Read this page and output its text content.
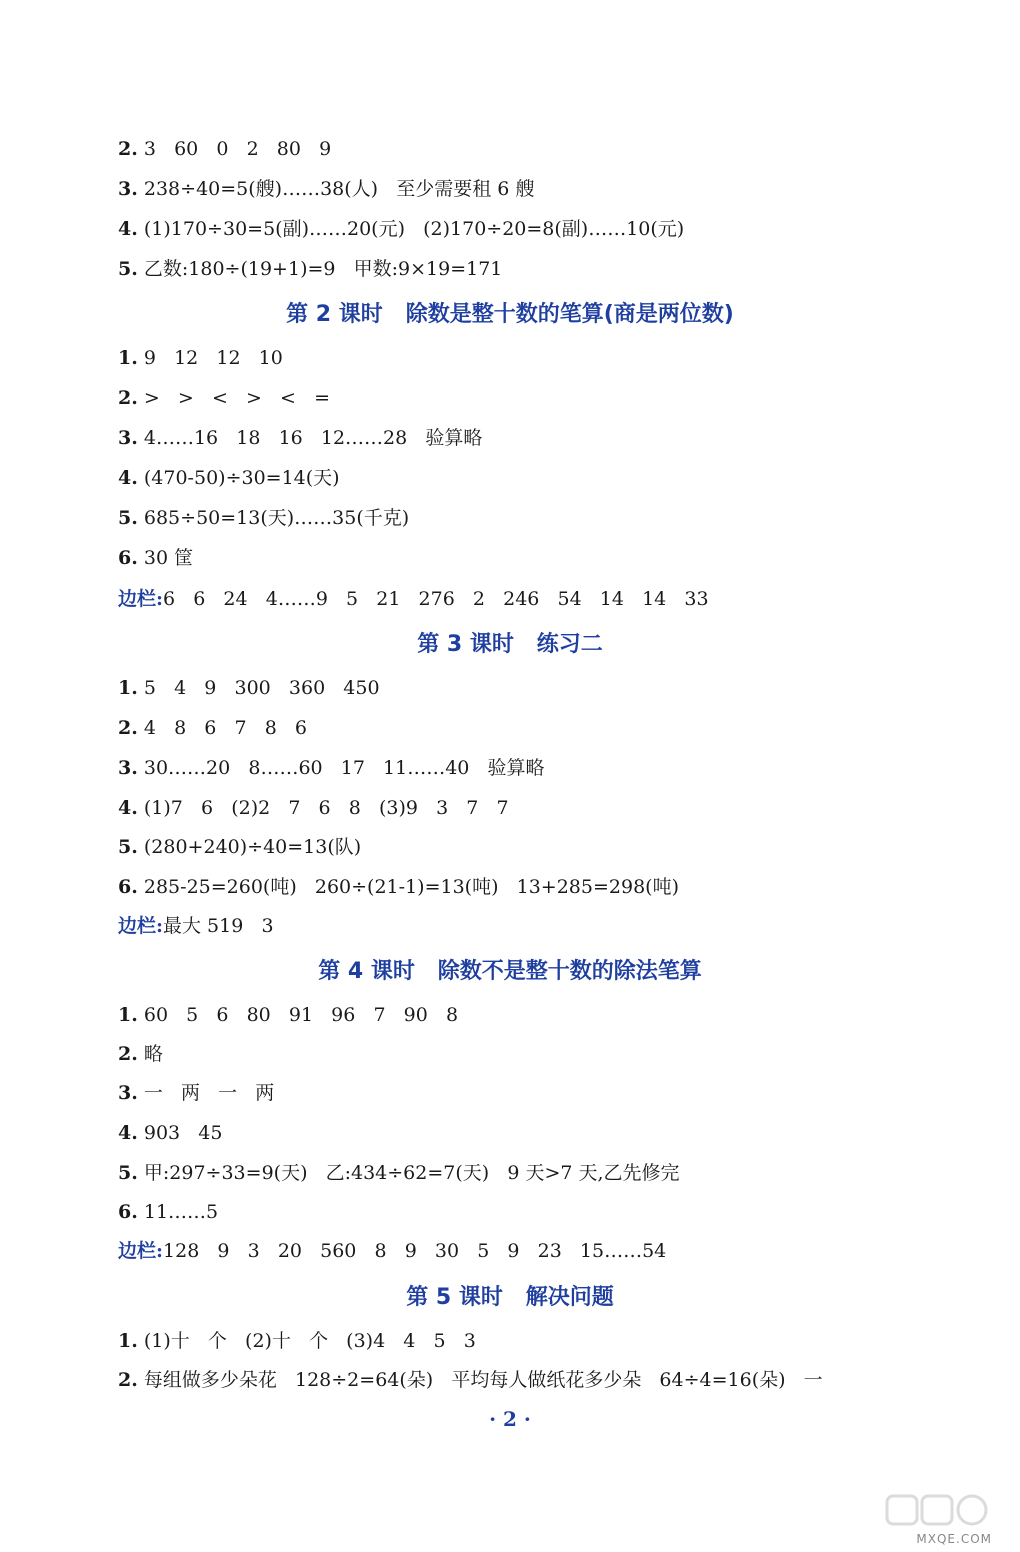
2. 3   60   0   2   80   9
3. 238÷40=5(艘)……38(人)   至少需要租 6 艘
4. (1)170÷30=5(副)……20(元)   (2)170÷20=8(副)……10(元)
5. 乙数:180÷(19+1)=9   甲数:9×19=171
第 2 课时   除数是整十数的笔算(商是两位数)
1. 9   12   12   10
2. >   >   <   >   <   =
3. 4……16   18   16   12……28   验算略
4. (470-50)÷30=14(天)
5. 685÷50=13(天)……35(千克)
6. 30 筐
边栏:6   6   24   4……9   5   21   276   2   246   54   14   14   33
第 3 课时   练习二
1. 5   4   9   300   360   450
2. 4   8   6   7   8   6
3. 30……20   8……60   17   11……40   验算略
4. (1)7   6   (2)2   7   6   8   (3)9   3   7   7
5. (280+240)÷40=13(队)
6. 285-25=260(吨)   260÷(21-1)=13(吨)   13+285=298(吨)
边栏:最大 519   3
第 4 课时   除数不是整十数的除法笔算
1. 60   5   6   80   91   96   7   90   8
2. 略
3. 一   两   一   两
4. 903   45
5. 甲:297÷33=9(天)   乙:434÷62=7(天)   9 天>7 天,乙先修完
6. 11……5
边栏:128   9   3   20   560   8   9   30   5   9   23   15……54
第 5 课时   解决问题
1. (1)十   个   (2)十   个   (3)4   4   5   3
2. 每组做多少朵花   128÷2=64(朵)   平均每人做纸花多少朵   64÷4=16(朵)   一
· 2 ·
MXQE.COM
